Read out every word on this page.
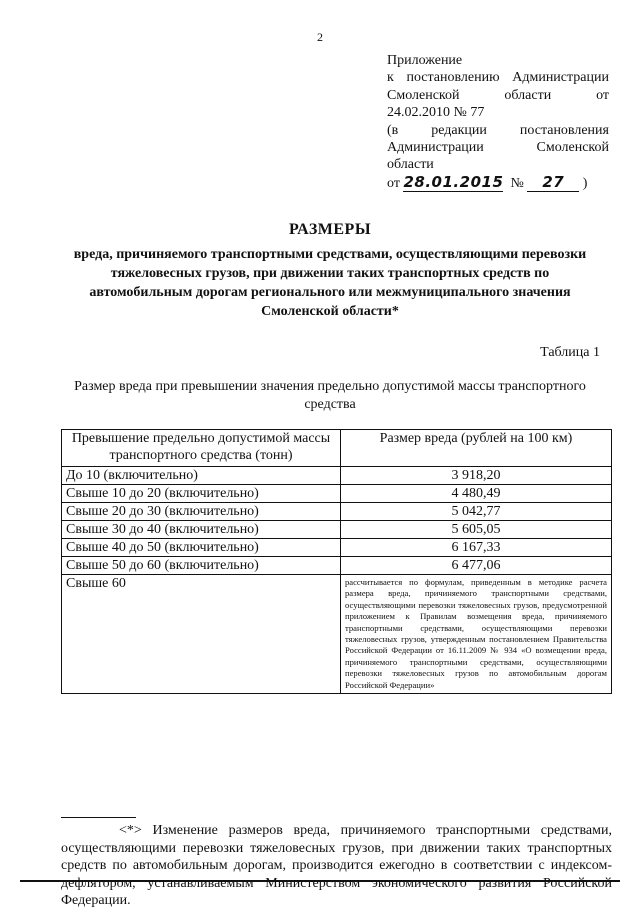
2
Приложение
к постановлению Администрации
Смоленской области от
24.02.2010 № 77
(в редакции постановления
Администрации Смоленской
области
от
28.01.2015
№
	27
	)
РАЗМЕРЫ
вреда, причиняемого транспортными средствами, осуществляющими перевозки тяжеловесных грузов, при движении таких транспортных средств по автомобильным дорогам регионального или межмуниципального значения Смоленской области*
Таблица 1
Размер вреда при превышении значения предельно допустимой массы транспортного средства
Превышение предельно допустимой массы транспортного средства (тонн)	Размер вреда (рублей на 100 км)
До 10 (включительно)	3 918,20
Свыше 10 до 20 (включительно)	4 480,49
Свыше 20 до 30 (включительно)	5 042,77
Свыше 30 до 40 (включительно)	5 605,05
Свыше 40 до 50 (включительно)	6 167,33
Свыше 50 до 60 (включительно)	6 477,06
Свыше 60	рассчитывается по формулам, приведенным в методике расчета размера вреда, причиняемого транспортными средствами, осуществляющими перевозки тяжеловесных грузов, предусмотренной приложением к Правилам возмещения вреда, причиняемого транспортными средствами, осуществляющими перевозки тяжеловесных грузов, утвержденным постановлением Правительства Российской Федерации от 16.11.2009 № 934 «О возмещении вреда, причиняемого транспортными средствами, осуществляющими перевозки тяжеловесных грузов по автомобильным дорогам Российской Федерации»
<*> Изменение размеров вреда, причиняемого транспортными средствами, осуществляющими перевозки тяжеловесных грузов, при движении таких транспортных средств по автомобильным дорогам, производится ежегодно в соответствии с индексом-дефлятором, устанавливаемым Министерством экономического развития Российской Федерации.
